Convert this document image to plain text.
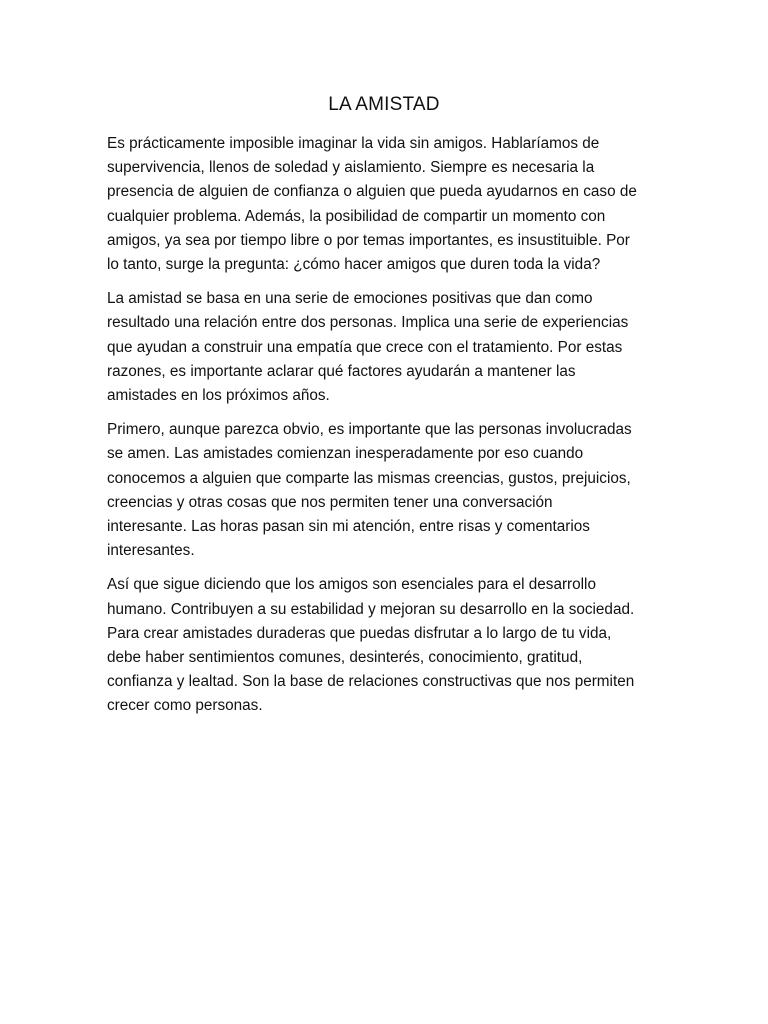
LA AMISTAD

Es prácticamente imposible imaginar la vida sin amigos. Hablaríamos de
supervivencia, llenos de soledad y aislamiento. Siempre es necesaria la
presencia de alguien de confianza o alguien que pueda ayudarnos en caso de
cualquier problema. Además, la posibilidad de compartir un momento con
amigos, ya sea por tiempo libre o por temas importantes, es insustituible. Por
lo tanto, surge la pregunta: ¿cómo hacer amigos que duren toda la vida?

La amistad se basa en una serie de emociones positivas que dan como
resultado una relación entre dos personas. Implica una serie de experiencias
que ayudan a construir una empatía que crece con el tratamiento. Por estas
razones, es importante aclarar qué factores ayudarán a mantener las
amistades en los próximos años.

Primero, aunque parezca obvio, es importante que las personas involucradas
se amen. Las amistades comienzan inesperadamente por eso cuando
conocemos a alguien que comparte las mismas creencias, gustos, prejuicios,
creencias y otras cosas que nos permiten tener una conversación
interesante. Las horas pasan sin mi atención, entre risas y comentarios
interesantes.

Así que sigue diciendo que los amigos son esenciales para el desarrollo
humano. Contribuyen a su estabilidad y mejoran su desarrollo en la sociedad.
Para crear amistades duraderas que puedas disfrutar a lo largo de tu vida,
debe haber sentimientos comunes, desinterés, conocimiento, gratitud,
confianza y lealtad. Son la base de relaciones constructivas que nos permiten
crecer como personas.
